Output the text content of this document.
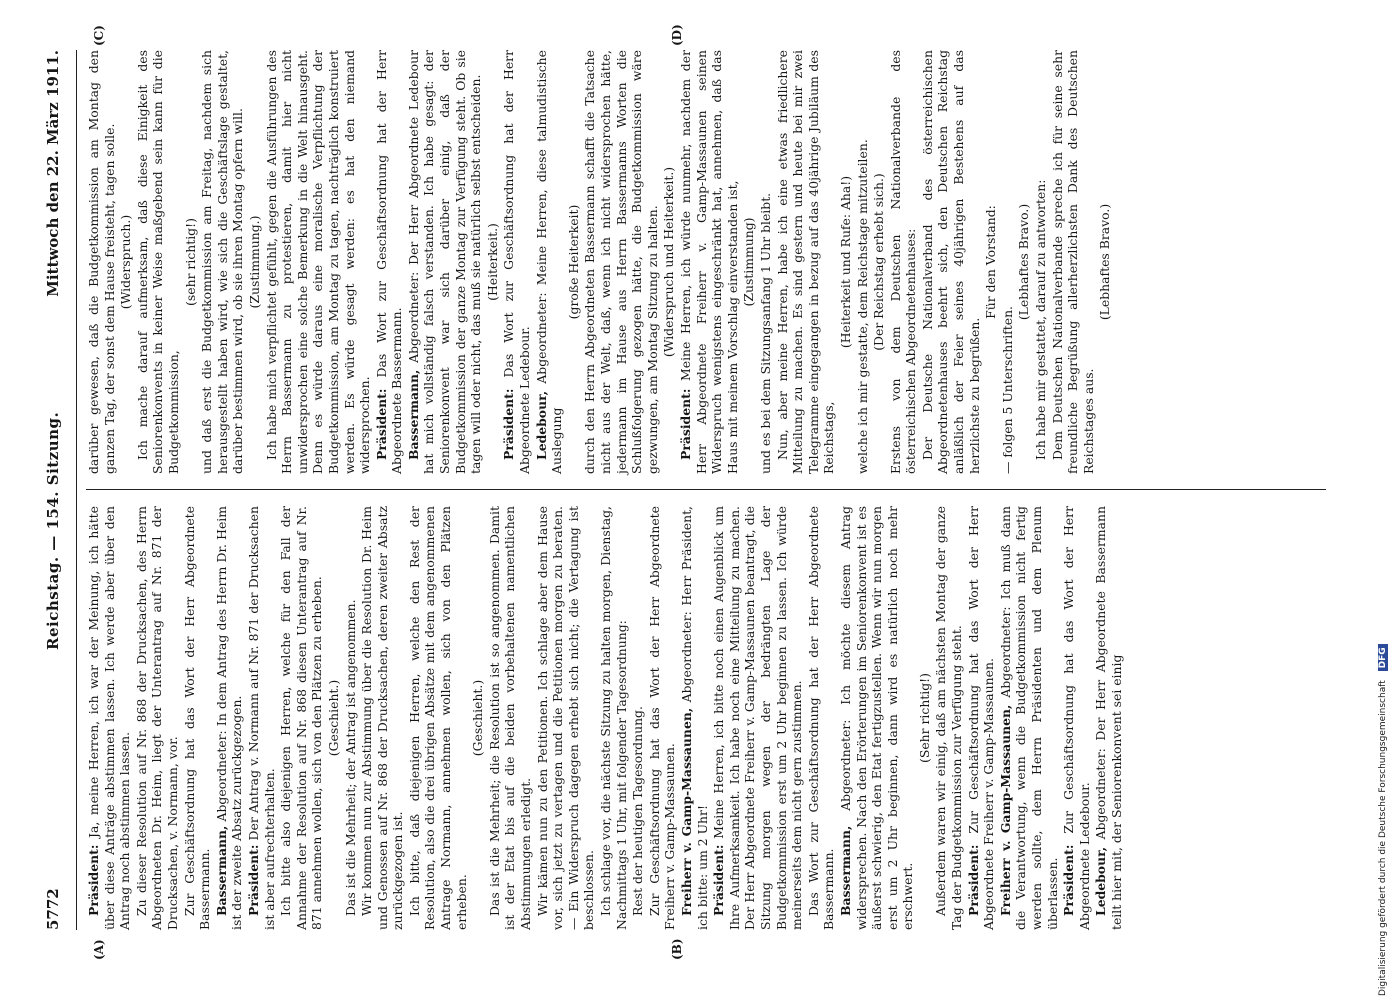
5772
Reichstag. — 154. Sitzung.
Mittwoch den 22. März 1911.
(A)	(B)
(C)	(D)

Präsident: Ja, meine Herren, ich war der Meinung, ich hätte über diese Anträge abstimmen lassen. Ich werde aber über den Antrag noch abstimmen lassen. Zu dieser Resolution auf Nr. 868 der Drucksachen, des Herrn Abgeordneten Dr. Heim, liegt der Unterantrag auf Nr. 871 der Drucksachen, v. Normann, vor. Zur Geschäftsordnung hat das Wort der Herr Abgeordnete Bassermann. Bassermann, Abgeordneter: In dem Antrag des Herrn Dr. Heim ist der zweite Absatz zurückgezogen. Präsident: Der Antrag v. Normann auf Nr. 871 der Drucksachen ist aber aufrechterhalten. Ich bitte also diejenigen Herren, welche für den Fall der Annahme der Resolution auf Nr. 868 diesen Unterantrag auf Nr. 871 annehmen wollen, sich von den Plätzen zu erheben. (Geschieht.) Das ist die Mehrheit; der Antrag ist angenommen. Wir kommen nun zur Abstimmung über die Resolution Dr. Heim und Genossen auf Nr. 868 der Drucksachen, deren zweiter Absatz zurückgezogen ist. Ich bitte, daß diejenigen Herren, welche den Rest der Resolution, also die drei übrigen Absätze mit dem angenommenen Antrage Normann, annehmen wollen, sich von den Plätzen erheben.

(Geschieht.) Das ist die Mehrheit; die Resolution ist so angenommen. Damit ist der Etat bis auf die beiden vorbehaltenen namentlichen Abstimmungen erledigt. Wir kämen nun zu den Petitionen. Ich schlage aber dem Hause vor, sich jetzt zu vertagen und die Petitionen morgen zu beraten. — Ein Widerspruch dagegen erhebt sich nicht; die Vertagung ist beschlossen. Ich schlage vor, die nächste Sitzung zu halten morgen, Dienstag, Nachmittags 1 Uhr, mit folgender Tagesordnung: Rest der heutigen Tagesordnung. Zur Geschäftsordnung hat das Wort der Herr Abgeordnete Freiherr v. Gamp-Massaunen. Freiherr v. Gamp-Massaunen, Abgeordneter: Herr Präsident, ich bitte: um 2 Uhr! Präsident: Meine Herren, ich bitte noch einen Augenblick um Ihre Aufmerksamkeit. Ich habe noch eine Mitteilung zu machen. Der Herr Abgeordnete Freiherr v. Gamp-Massaunen beantragt, die Sitzung morgen wegen der bedrängten Lage der Budgetkommission erst um 2 Uhr beginnen zu lassen. Ich würde meinerseits dem nicht gern zustimmen. Das Wort zur Geschäftsordnung hat der Herr Abgeordnete Bassermann. Bassermann, Abgeordneter: Ich möchte diesem Antrag widersprechen. Nach den Erörterungen im Seniorenkonvent ist es äußerst schwierig, den Etat fertigzustellen. Wenn wir nun morgen erst um 2 Uhr beginnen, dann wird es natürlich noch mehr erschwert.

(Sehr richtig!) Außerdem waren wir einig, daß am nächsten Montag der ganze Tag der Budgetkommission zur Verfügung steht. Präsident: Zur Geschäftsordnung hat das Wort der Herr Abgeordnete Freiherr v. Gamp-Massaunen. Freiherr v. Gamp-Massaunen, Abgeordneter: Ich muß dann die Verantwortung, wenn die Budgetkommission nicht fertig werden sollte, dem Herrn Präsidenten und dem Plenum überlassen. Präsident: Zur Geschäftsordnung hat das Wort der Herr Abgeordnete Ledebour. Ledebour, Abgeordneter: Der Herr Abgeordnete Bassermann teilt hier mit, der Seniorenkonvent sei einig

darüber gewesen, daß die Budgetkommission am Montag den ganzen Tag, der sonst dem Hause freisteht, tagen solle. (Widerspruch.) Ich mache darauf aufmerksam, daß diese Einigkeit des Seniorenkonvents in keiner Weise maßgebend sein kann für die Budgetkommission,

(sehr richtig!) und daß erst die Budgetkommission am Freitag, nachdem sich herausgestellt haben wird, wie sich die Geschäftslage gestaltet, darüber bestimmen wird, ob sie ihren Montag opfern will. (Zustimmung.) Ich habe mich verpflichtet gefühlt, gegen die Ausführungen des Herrn Bassermann zu protestieren, damit hier nicht unwidersprochen eine solche Bemerkung in die Welt hinausgeht. Denn es würde daraus eine moralische Verpflichtung der Budgetkommission, am Montag zu tagen, nachträglich konstruiert werden. Es würde gesagt werden: es hat den niemand widersprochen. Präsident: Das Wort zur Geschäftsordnung hat der Herr Abgeordnete Bassermann. Bassermann, Abgeordneter: Der Herr Abgeordnete Ledebour hat mich vollständig falsch verstanden. Ich habe gesagt: der Seniorenkonvent war sich darüber einig, daß der Budgetkommission der ganze Montag zur Verfügung steht. Ob sie tagen will oder nicht, das muß sie natürlich selbst entscheiden. (Heiterkeit.)

Präsident: Das Wort zur Geschäftsordnung hat der Herr Abgeordnete Ledebour. Ledebour, Abgeordneter: Meine Herren, diese talmudistische Auslegung

(große Heiterkeit) durch den Herrn Abgeordneten Bassermann schafft die Tatsache nicht aus der Welt, daß, wenn ich nicht widersprochen hätte, jedermann im Hause aus Herrn Bassermanns Worten die Schlußfolgerung gezogen hätte, die Budgetkommission wäre gezwungen, am Montag Sitzung zu halten. (Widerspruch und Heiterkeit.)

Präsident: Meine Herren, ich würde nunmehr, nachdem der Herr Abgeordnete Freiherr v. Gamp-Massaunen seinen Widerspruch wenigstens eingeschränkt hat, annehmen, daß das Haus mit meinem Vorschlag einverstanden ist, (Zustimmung) und es bei dem Sitzungsanfang 1 Uhr bleibt. Nun, aber meine Herren, habe ich eine etwas friedlichere Mitteilung zu machen. Es sind gestern und heute bei mir zwei Telegramme eingegangen in bezug auf das 40jährige Jubiläum des Reichstags,

(Heiterkeit und Rufe: Aha!) welche ich mir gestatte, dem Reichstage mitzuteilen. (Der Reichstag erhebt sich.) Erstens von dem Deutschen Nationalverbande des österreichischen Abgeordnetenhauses: Der Deutsche Nationalverband des österreichischen Abgeordnetenhauses beehrt sich, den Deutschen Reichstag anläßlich der Feier seines 40jährigen Bestehens auf das herzlichste zu begrüßen.

Für den Vorstand:

— folgen 5 Unterschriften.

(Lebhaftes Bravo.) Ich habe mir gestattet, darauf zu antworten: Dem Deutschen Nationalverbande spreche ich für seine sehr freundliche Begrüßung allerherzlichsten Dank des Deutschen Reichstages aus.

(Lebhaftes Bravo.)

Digitalisierung gefördert durch die Deutsche Forschungsgemeinschaft DFG
